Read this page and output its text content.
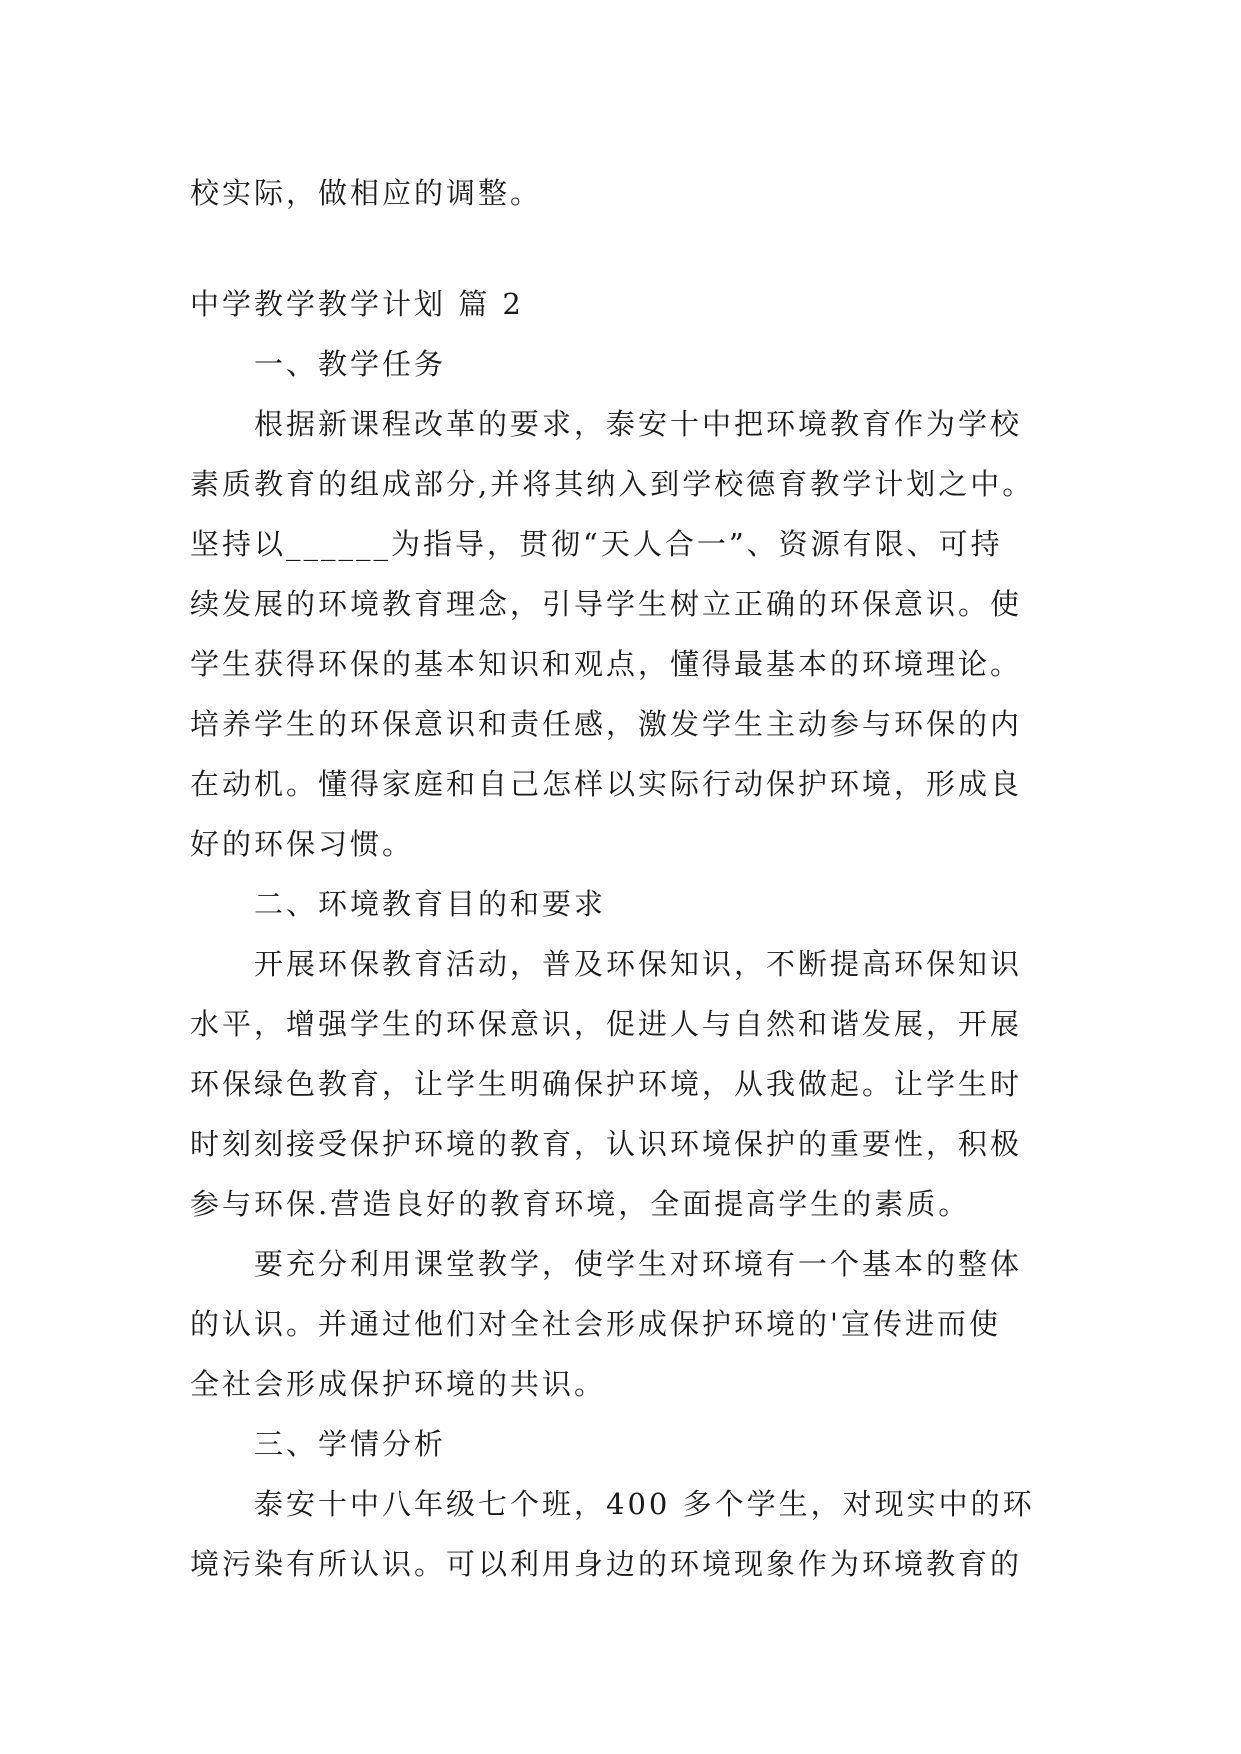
校实际，做相应的调整。
中学教学教学计划 篇 2
一、教学任务
根据新课程改革的要求，泰安十中把环境教育作为学校
素质教育的组成部分,并将其纳入到学校德育教学计划之中。
坚持以______为指导，贯彻“天人合一”、资源有限、可持
续发展的环境教育理念，引导学生树立正确的环保意识。使
学生获得环保的基本知识和观点，懂得最基本的环境理论。
培养学生的环保意识和责任感，激发学生主动参与环保的内
在动机。懂得家庭和自己怎样以实际行动保护环境，形成良
好的环保习惯。
二、环境教育目的和要求
开展环保教育活动，普及环保知识，不断提高环保知识
水平，增强学生的环保意识，促进人与自然和谐发展，开展
环保绿色教育，让学生明确保护环境，从我做起。让学生时
时刻刻接受保护环境的教育，认识环境保护的重要性，积极
参与环保.营造良好的教育环境，全面提高学生的素质。
要充分利用课堂教学，使学生对环境有一个基本的整体
的认识。并通过他们对全社会形成保护环境的'宣传进而使
全社会形成保护环境的共识。
三、学情分析
泰安十中八年级七个班，400 多个学生，对现实中的环
境污染有所认识。可以利用身边的环境现象作为环境教育的
